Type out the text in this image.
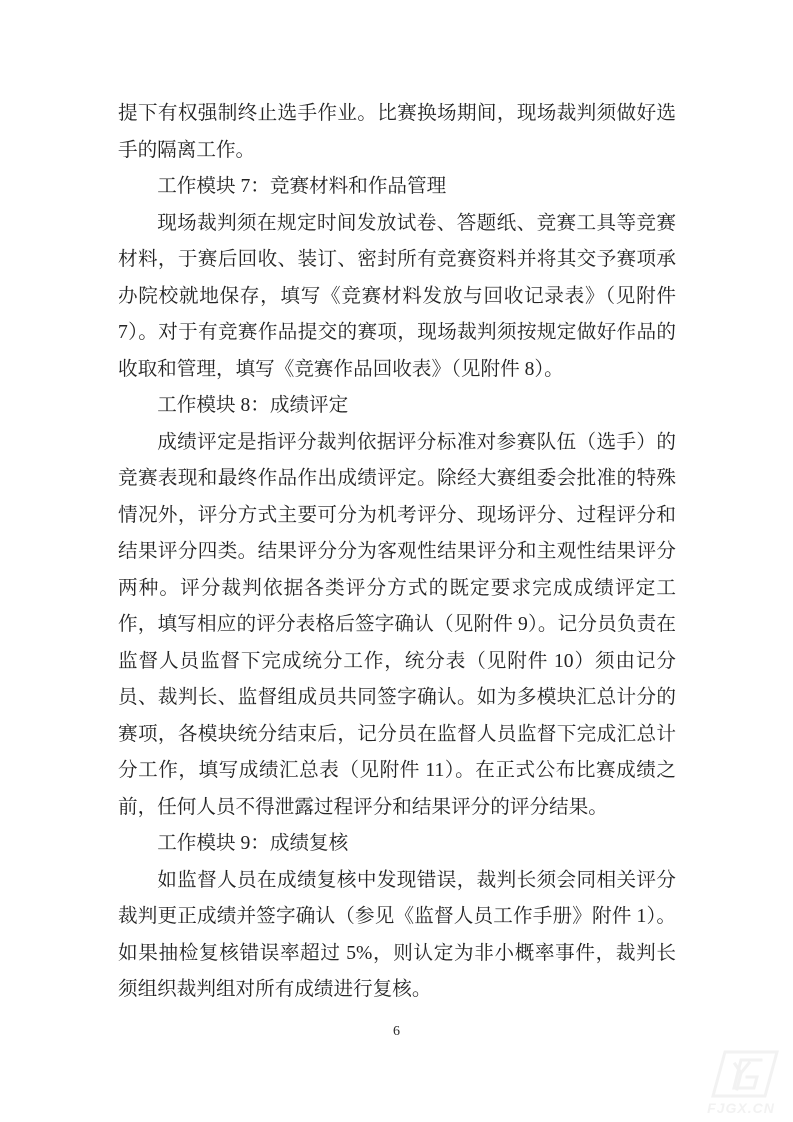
提下有权强制终止选手作业。比赛换场期间，现场裁判须做好选手的隔离工作。

工作模块 7：竞赛材料和作品管理

现场裁判须在规定时间发放试卷、答题纸、竞赛工具等竞赛材料，于赛后回收、装订、密封所有竞赛资料并将其交予赛项承办院校就地保存，填写《竞赛材料发放与回收记录表》（见附件 7）。对于有竞赛作品提交的赛项，现场裁判须按规定做好作品的收取和管理，填写《竞赛作品回收表》（见附件 8）。

工作模块 8：成绩评定

成绩评定是指评分裁判依据评分标准对参赛队伍（选手）的竞赛表现和最终作品作出成绩评定。除经大赛组委会批准的特殊情况外，评分方式主要可分为机考评分、现场评分、过程评分和结果评分四类。结果评分分为客观性结果评分和主观性结果评分两种。评分裁判依据各类评分方式的既定要求完成成绩评定工作，填写相应的评分表格后签字确认（见附件 9）。记分员负责在监督人员监督下完成统分工作，统分表（见附件 10）须由记分员、裁判长、监督组成员共同签字确认。如为多模块汇总计分的赛项，各模块统分结束后，记分员在监督人员监督下完成汇总计分工作，填写成绩汇总表（见附件 11）。在正式公布比赛成绩之前，任何人员不得泄露过程评分和结果评分的评分结果。

工作模块 9：成绩复核

如监督人员在成绩复核中发现错误，裁判长须会同相关评分裁判更正成绩并签字确认（参见《监督人员工作手册》附件 1）。如果抽检复核错误率超过 5%，则认定为非小概率事件，裁判长须组织裁判组对所有成绩进行复核。

6
FJGX.CN
